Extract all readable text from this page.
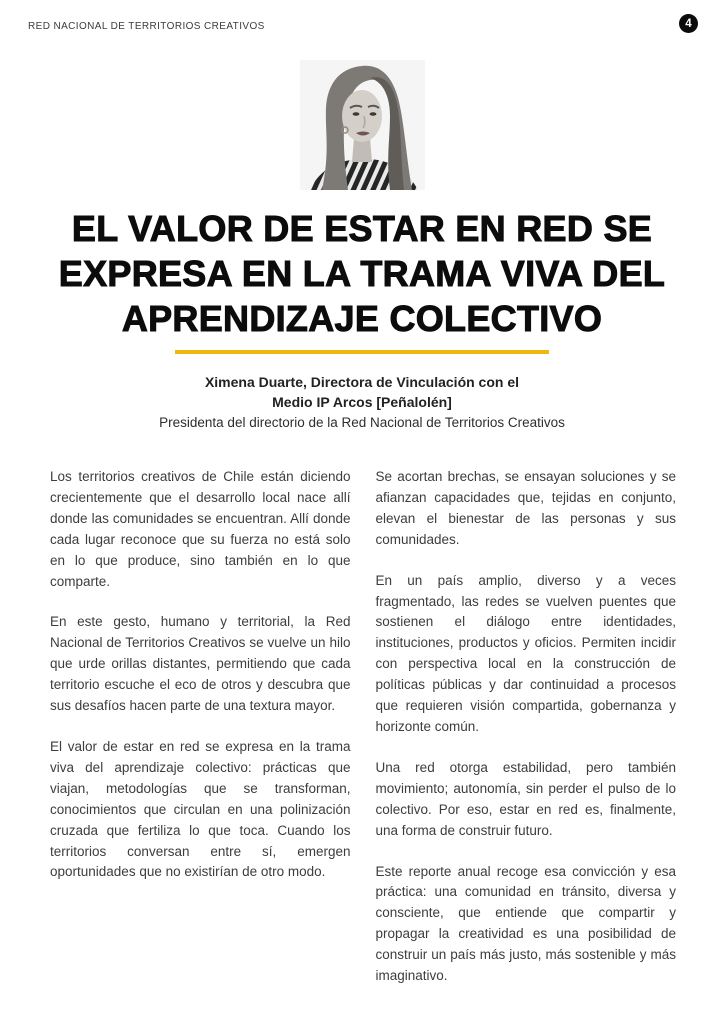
RED NACIONAL DE TERRITORIOS CREATIVOS	4
EL VALOR DE ESTAR EN RED SE
EXPRESA EN LA TRAMA VIVA DEL
APRENDIZAJE COLECTIVO

Ximena Duarte, Directora de Vinculación con el
Medio IP Arcos [Peñalolén]

Presidenta del directorio de la Red Nacional de Territorios Creativos

Los territorios creativos de Chile están diciendo crecientemente que el desarrollo local nace allí donde las comunidades se encuentran. Allí donde cada lugar reconoce que su fuerza no está solo en lo que produce, sino también en lo que comparte.

En este gesto, humano y territorial, la Red Nacional de Territorios Creativos se vuelve un hilo que urde orillas distantes, permitiendo que cada territorio escuche el eco de otros y descubra que sus desafíos hacen parte de una textura mayor.

El valor de estar en red se expresa en la trama viva del aprendizaje colectivo: prácticas que viajan, metodologías que se transforman, conocimientos que circulan en una polinización cruzada que fertiliza lo que toca. Cuando los territorios conversan entre sí, emergen oportunidades que no existirían de otro modo.

Se acortan brechas, se ensayan soluciones y se afianzan capacidades que, tejidas en conjunto, elevan el bienestar de las personas y sus comunidades.

En un país amplio, diverso y a veces fragmentado, las redes se vuelven puentes que sostienen el diálogo entre identidades, instituciones, productos y oficios. Permiten incidir con perspectiva local en la construcción de políticas públicas y dar continuidad a procesos que requieren visión compartida, gobernanza y horizonte común.

Una red otorga estabilidad, pero también movimiento; autonomía, sin perder el pulso de lo colectivo. Por eso, estar en red es, finalmente, una forma de construir futuro.

Este reporte anual recoge esa convicción y esa práctica: una comunidad en tránsito, diversa y consciente, que entiende que compartir y propagar la creatividad es una posibilidad de construir un país más justo, más sostenible y más imaginativo.
